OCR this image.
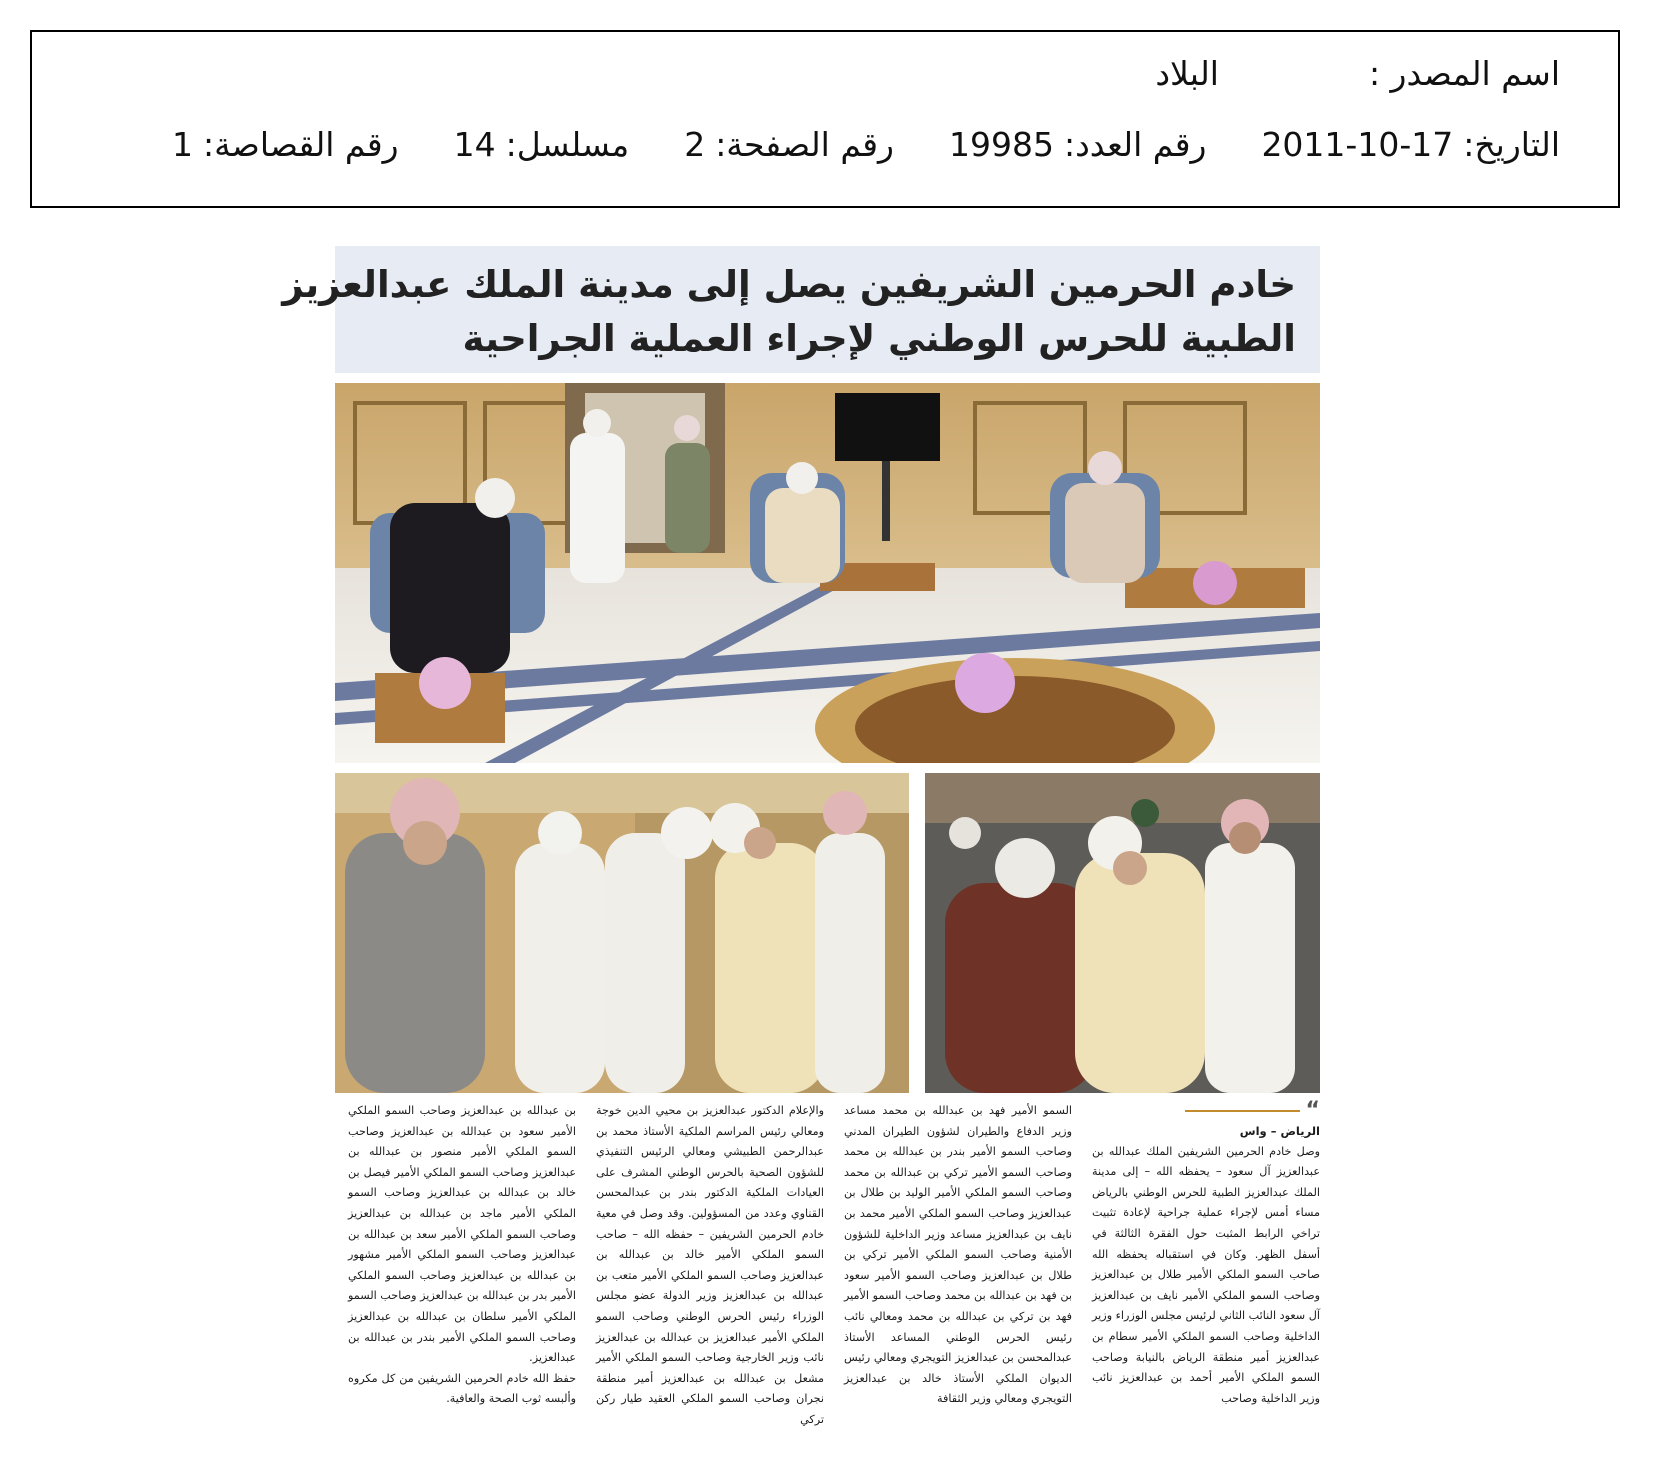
اسم المصدر :
البلاد
التاريخ:
2011-10-17
رقم العدد:
19985
رقم الصفحة:
2
مسلسل:
14
رقم القصاصة:
1
خادم الحرمين الشريفين يصل إلى مدينة الملك عبدالعزيز
الطبية للحرس الوطني لإجراء العملية الجراحية
“

الرياض – واس

وصل خادم الحرمين الشريفين الملك عبدالله بن عبدالعزيز آل سعود – يحفظه الله – إلى مدينة الملك عبدالعزيز الطبية للحرس الوطني بالرياض مساء أمس لإجراء عملية جراحية لإعادة تثبيت تراخي الرابط المثبت حول الفقرة الثالثة في أسفل الظهر. وكان في استقباله يحفظه الله صاحب السمو الملكي الأمير طلال بن عبدالعزيز وصاحب السمو الملكي الأمير نايف بن عبدالعزيز آل سعود النائب الثاني لرئيس مجلس الوزراء وزير الداخلية وصاحب السمو الملكي الأمير سطام بن عبدالعزيز أمير منطقة الرياض بالنيابة وصاحب السمو الملكي الأمير أحمد بن عبدالعزيز نائب وزير الداخلية وصاحب

السمو الأمير فهد بن عبدالله بن محمد مساعد وزير الدفاع والطيران لشؤون الطيران المدني وصاحب السمو الأمير بندر بن عبدالله بن محمد وصاحب السمو الأمير تركي بن عبدالله بن محمد وصاحب السمو الملكي الأمير الوليد بن طلال بن عبدالعزيز وصاحب السمو الملكي الأمير محمد بن نايف بن عبدالعزيز مساعد وزير الداخلية للشؤون الأمنية وصاحب السمو الملكي الأمير تركي بن طلال بن عبدالعزيز وصاحب السمو الأمير سعود بن فهد بن عبدالله بن محمد وصاحب السمو الأمير فهد بن تركي بن عبدالله بن محمد ومعالي نائب رئيس الحرس الوطني المساعد الأستاذ عبدالمحسن بن عبدالعزيز التويجري ومعالي رئيس الديوان الملكي الأستاذ خالد بن عبدالعزيز التويجري ومعالي وزير الثقافة

والإعلام الدكتور عبدالعزيز بن محيي الدين خوجة ومعالي رئيس المراسم الملكية الأستاذ محمد بن عبدالرحمن الطبيشي ومعالي الرئيس التنفيذي للشؤون الصحية بالحرس الوطني المشرف على العيادات الملكية الدكتور بندر بن عبدالمحسن القناوي وعدد من المسؤولين. وقد وصل في معية خادم الحرمين الشريفين – حفظه الله – صاحب السمو الملكي الأمير خالد بن عبدالله بن عبدالعزيز وصاحب السمو الملكي الأمير متعب بن عبدالله بن عبدالعزيز وزير الدولة عضو مجلس الوزراء رئيس الحرس الوطني وصاحب السمو الملكي الأمير عبدالعزيز بن عبدالله بن عبدالعزيز نائب وزير الخارجية وصاحب السمو الملكي الأمير مشعل بن عبدالله بن عبدالعزيز أمير منطقة نجران وصاحب السمو الملكي العقيد طيار ركن تركي

بن عبدالله بن عبدالعزيز وصاحب السمو الملكي الأمير سعود بن عبدالله بن عبدالعزيز وصاحب السمو الملكي الأمير منصور بن عبدالله بن عبدالعزيز وصاحب السمو الملكي الأمير فيصل بن خالد بن عبدالله بن عبدالعزيز وصاحب السمو الملكي الأمير ماجد بن عبدالله بن عبدالعزيز وصاحب السمو الملكي الأمير سعد بن عبدالله بن عبدالعزيز وصاحب السمو الملكي الأمير مشهور بن عبدالله بن عبدالعزيز وصاحب السمو الملكي الأمير بدر بن عبدالله بن عبدالعزيز وصاحب السمو الملكي الأمير سلطان بن عبدالله بن عبدالعزيز وصاحب السمو الملكي الأمير بندر بن عبدالله بن عبدالعزيز.

حفظ الله خادم الحرمين الشريفين من كل مكروه وألبسه ثوب الصحة والعافية.
